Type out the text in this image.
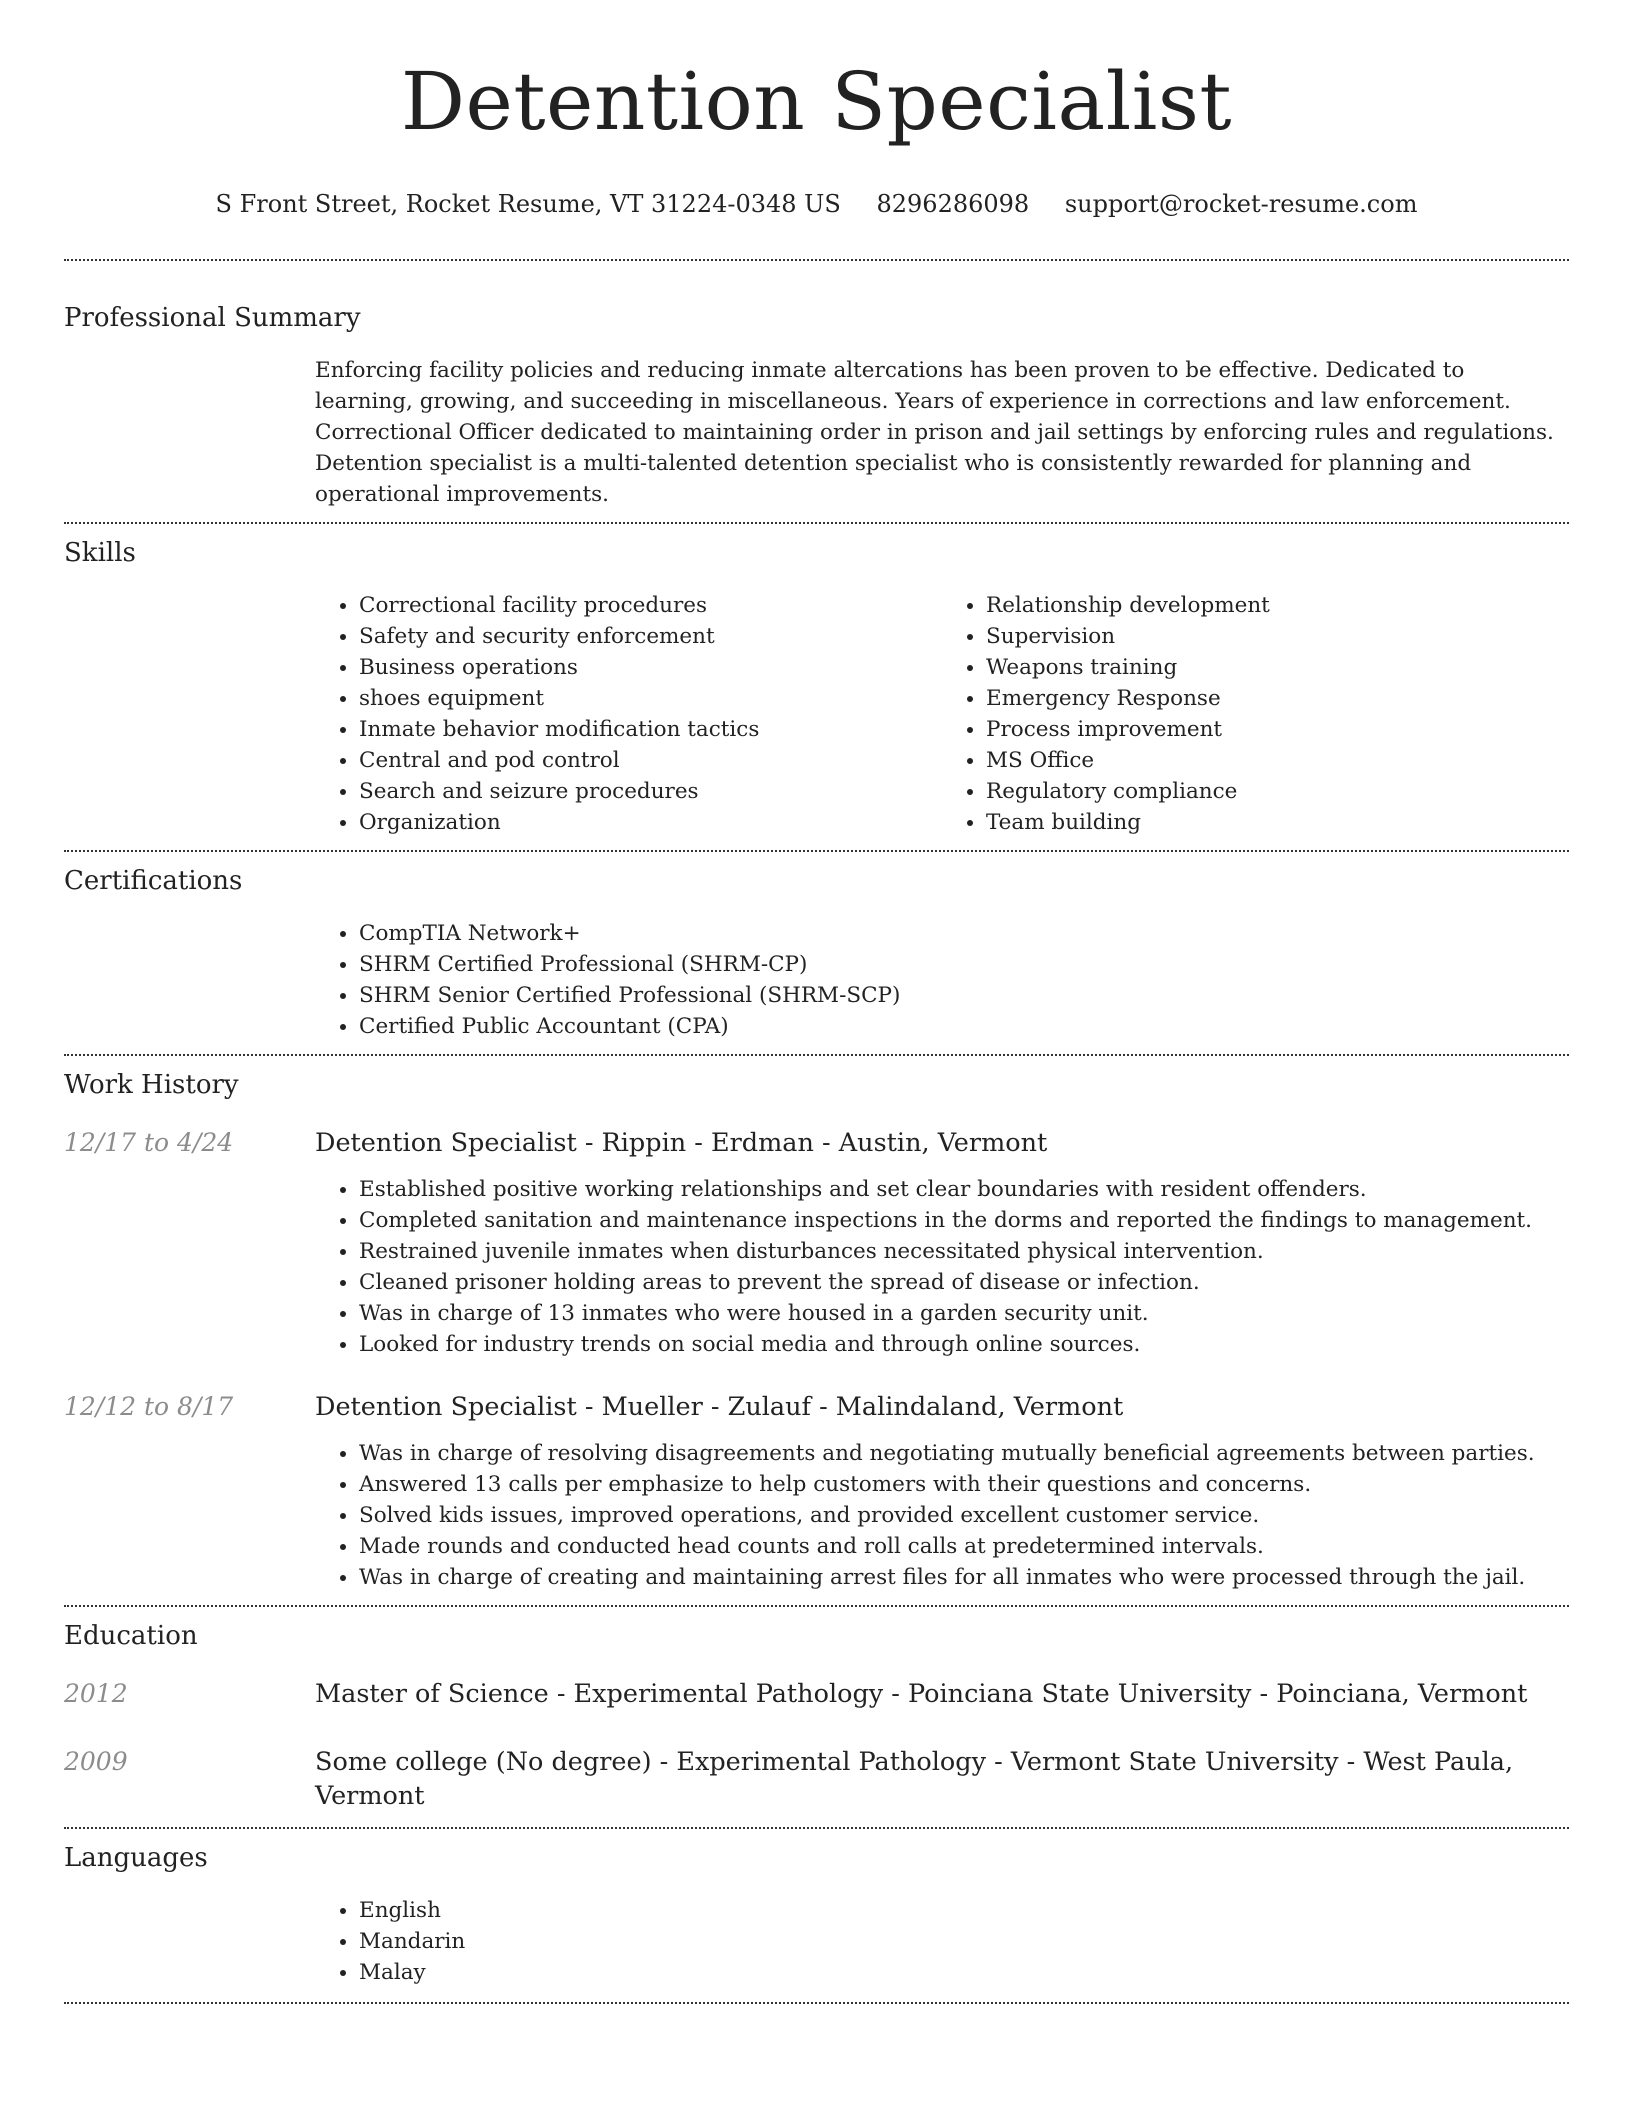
Detention Specialist
S Front Street, Rocket Resume, VT 31224-0348 US 8296286098 support@rocket-resume.com
Professional Summary

Enforcing facility policies and reducing inmate altercations has been proven to be effective. Dedicated to learning, growing, and succeeding in miscellaneous. Years of experience in corrections and law enforcement. Correctional Officer dedicated to maintaining order in prison and jail settings by enforcing rules and regulations. Detention specialist is a multi-talented detention specialist who is consistently rewarded for planning and operational improvements.

Skills
• Correctional facility procedures
• Safety and security enforcement
• Business operations
• shoes equipment
• Inmate behavior modification tactics
• Central and pod control
• Search and seizure procedures
• Organization
• Relationship development
• Supervision
• Weapons training
• Emergency Response
• Process improvement
• MS Office
• Regulatory compliance
• Team building
Certifications
• CompTIA Network+
• SHRM Certified Professional (SHRM-CP)
• SHRM Senior Certified Professional (SHRM-SCP)
• Certified Public Accountant (CPA)
Work History
12/17 to 4/24	Detention Specialist - Rippin - Erdman - Austin, Vermont
• Established positive working relationships and set clear boundaries with resident offenders.
• Completed sanitation and maintenance inspections in the dorms and reported the findings to management.
• Restrained juvenile inmates when disturbances necessitated physical intervention.
• Cleaned prisoner holding areas to prevent the spread of disease or infection.
• Was in charge of 13 inmates who were housed in a garden security unit.
• Looked for industry trends on social media and through online sources.
12/12 to 8/17	Detention Specialist - Mueller - Zulauf - Malindaland, Vermont
• Was in charge of resolving disagreements and negotiating mutually beneficial agreements between parties.
• Answered 13 calls per emphasize to help customers with their questions and concerns.
• Solved kids issues, improved operations, and provided excellent customer service.
• Made rounds and conducted head counts and roll calls at predetermined intervals.
• Was in charge of creating and maintaining arrest files for all inmates who were processed through the jail.
Education
2012	Master of Science - Experimental Pathology - Poinciana State University - Poinciana, Vermont
2009	Some college (No degree) - Experimental Pathology - Vermont State University - West Paula, Vermont
Languages
• English
• Mandarin
• Malay
